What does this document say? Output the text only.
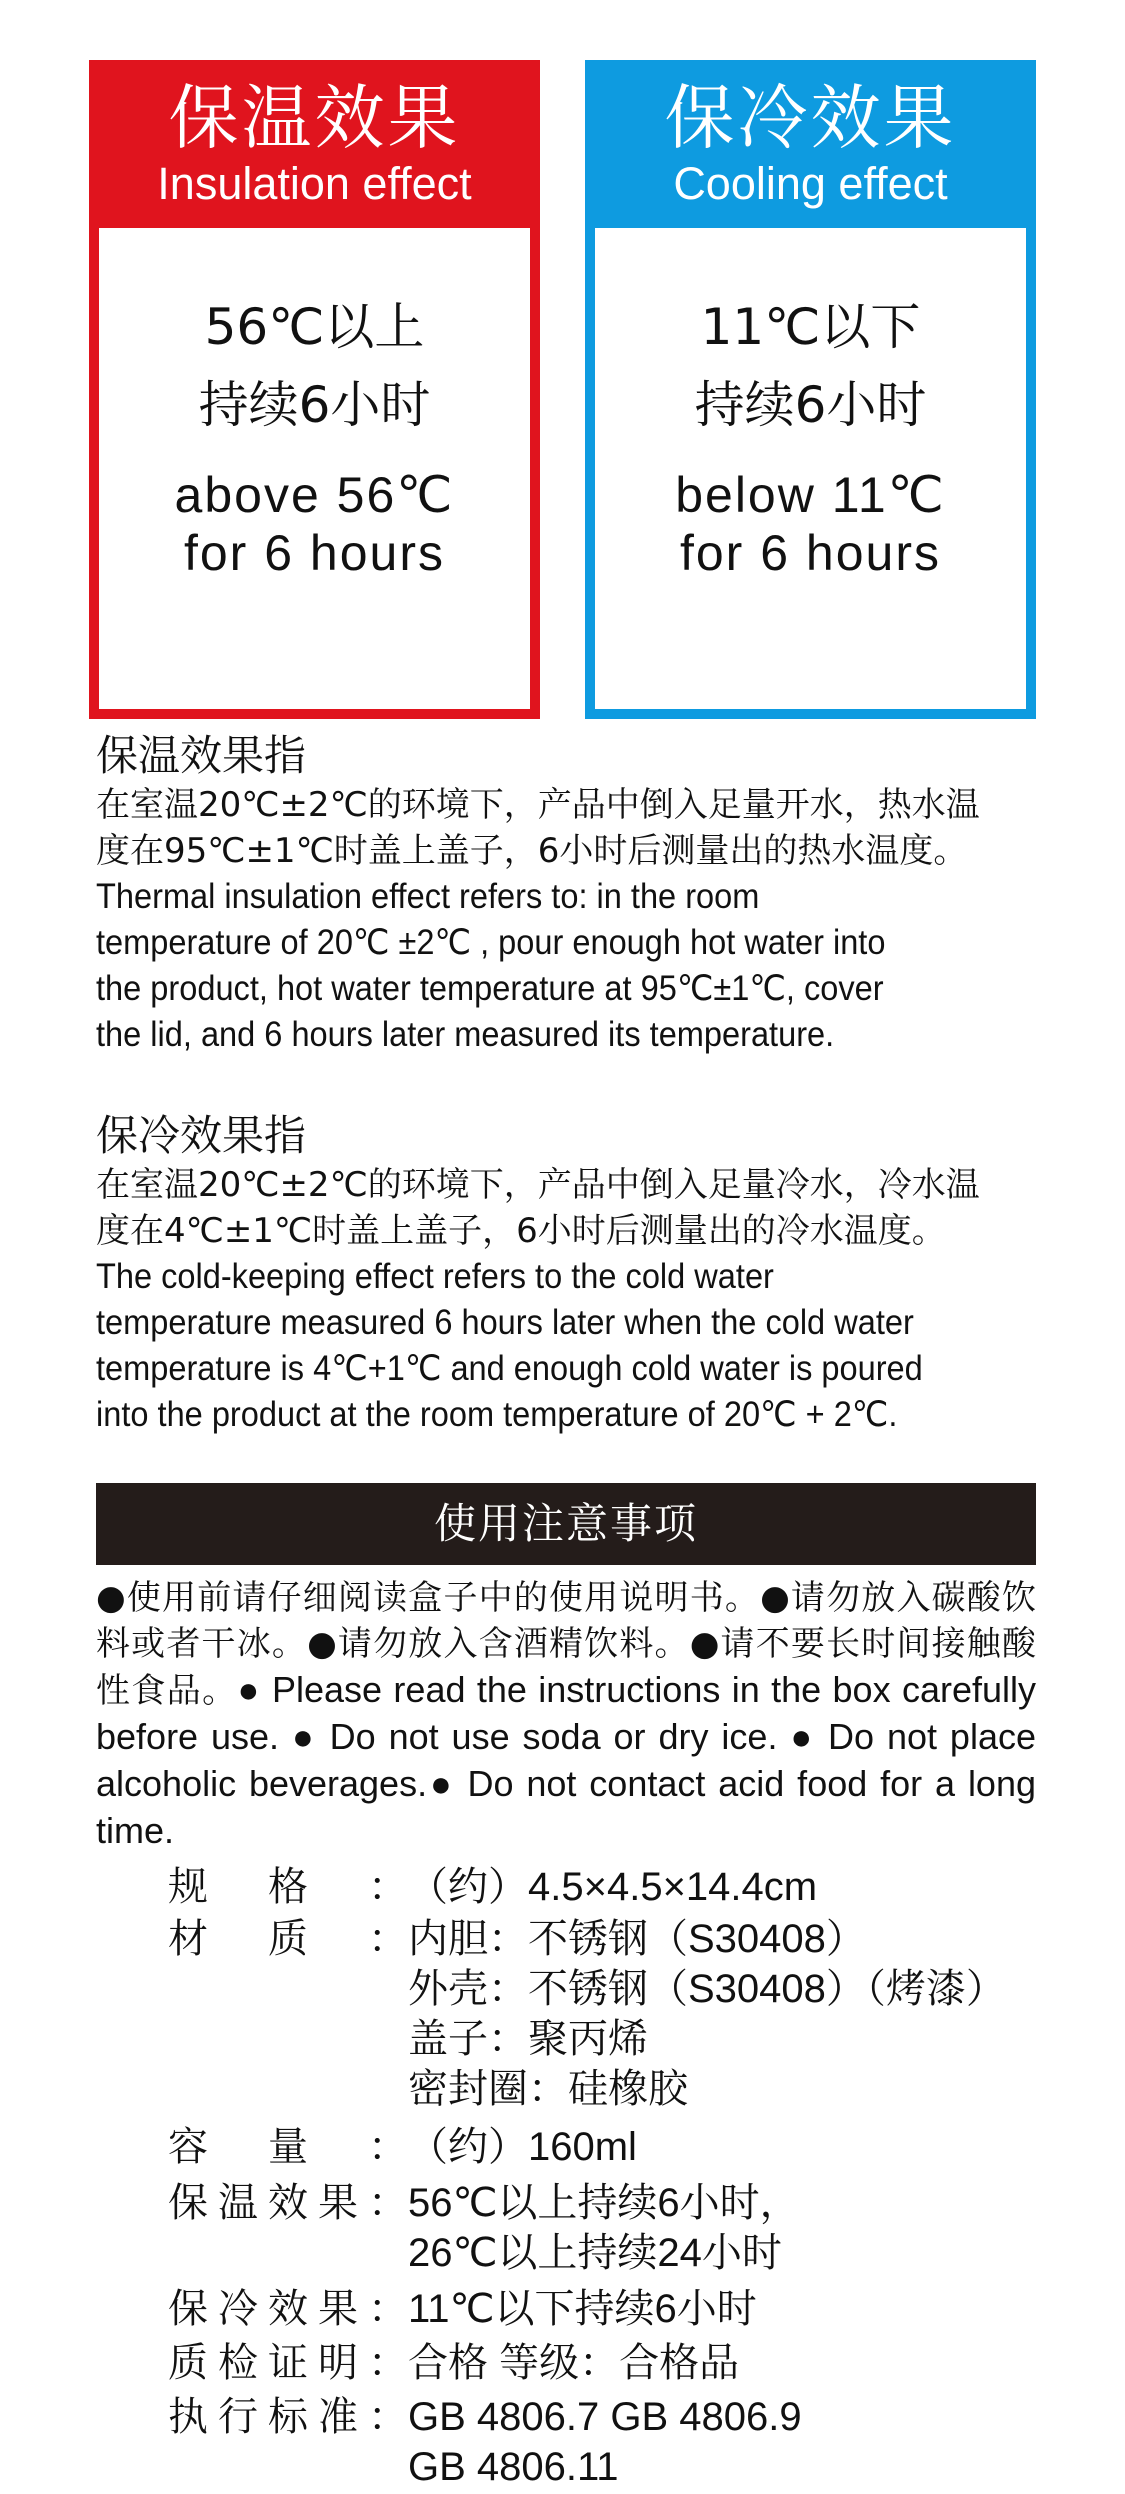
保温效果
Insulation effect
56℃以上
持续6小时
above 56℃
for 6 hours
保冷效果
Cooling effect
11℃以下
持续6小时
below 11℃
for 6 hours
保温效果指
在室温20℃±2℃的环境下，产品中倒入足量开水，热水温
度在95℃±1℃时盖上盖子，6小时后测量出的热水温度。
Thermal insulation effect refers to: in the room
temperature of 20℃ ±2℃ , pour enough hot water into
the product, hot water temperature at 95℃±1℃, cover
the lid, and 6 hours later measured its temperature.
保冷效果指
在室温20℃±2℃的环境下，产品中倒入足量冷水，冷水温
度在4℃±1℃时盖上盖子，6小时后测量出的冷水温度。
The cold-keeping effect refers to the cold water
temperature measured 6 hours later when the cold water
temperature is 4℃+1℃ and enough cold water is poured
into the product at the room temperature of 20℃ + 2℃.
使用注意事项
●使用前请仔细阅读盒子中的使用说明书。●请勿放入碳酸饮料或者干冰。●请勿放入含酒精饮料。●请不要长时间接触酸性食品。● Please read the instructions in the box carefully before use. ● Do not use soda or dry ice. ● Do not place alcoholic beverages.● Do not contact acid food for a long time.
规格： （约）4.5×4.5×14.4cm
材质： 内胆：不锈钢（S30408）
外壳：不锈钢（S30408）（烤漆）
盖子：聚丙烯
密封圈：硅橡胶
容量： （约）160ml
保温效果： 56℃以上持续6小时，
26℃以上持续24小时
保冷效果： 11℃以下持续6小时
质检证明： 合格 等级：合格品
执行标准： GB 4806.7 GB 4806.9
GB 4806.11
